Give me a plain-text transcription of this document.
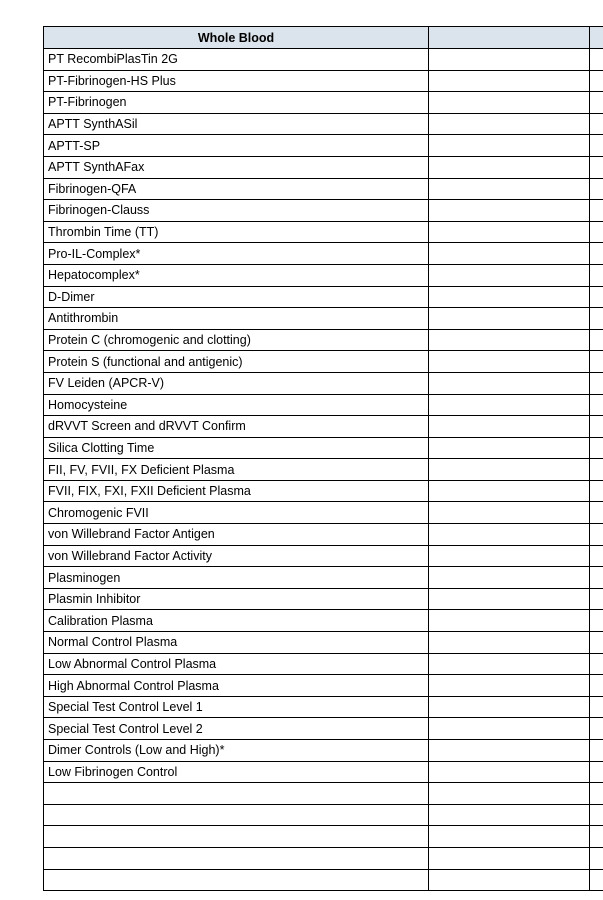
Whole Blood		
PT RecombiPlasTin 2G		
PT-Fibrinogen-HS Plus		
PT-Fibrinogen		
APTT SynthASil		
APTT-SP		
APTT SynthAFax		
Fibrinogen-QFA		
Fibrinogen-Clauss		
Thrombin Time (TT)		
Pro-IL-Complex*		
Hepatocomplex*		
D-Dimer		
Antithrombin		
Protein C (chromogenic and clotting)		
Protein S (functional and antigenic)		
FV Leiden (APCR-V)		
Homocysteine		
dRVVT Screen and dRVVT Confirm		
Silica Clotting Time		
FII, FV, FVII, FX Deficient Plasma		
FVII, FIX, FXI, FXII Deficient Plasma		
Chromogenic FVII		
von Willebrand Factor Antigen		
von Willebrand Factor Activity		
Plasminogen		
Plasmin Inhibitor		
Calibration Plasma		
Normal Control Plasma		
Low Abnormal Control Plasma		
High Abnormal Control Plasma		
Special Test Control Level 1		
Special Test Control Level 2		
Dimer Controls (Low and High)*		
Low Fibrinogen Control		
